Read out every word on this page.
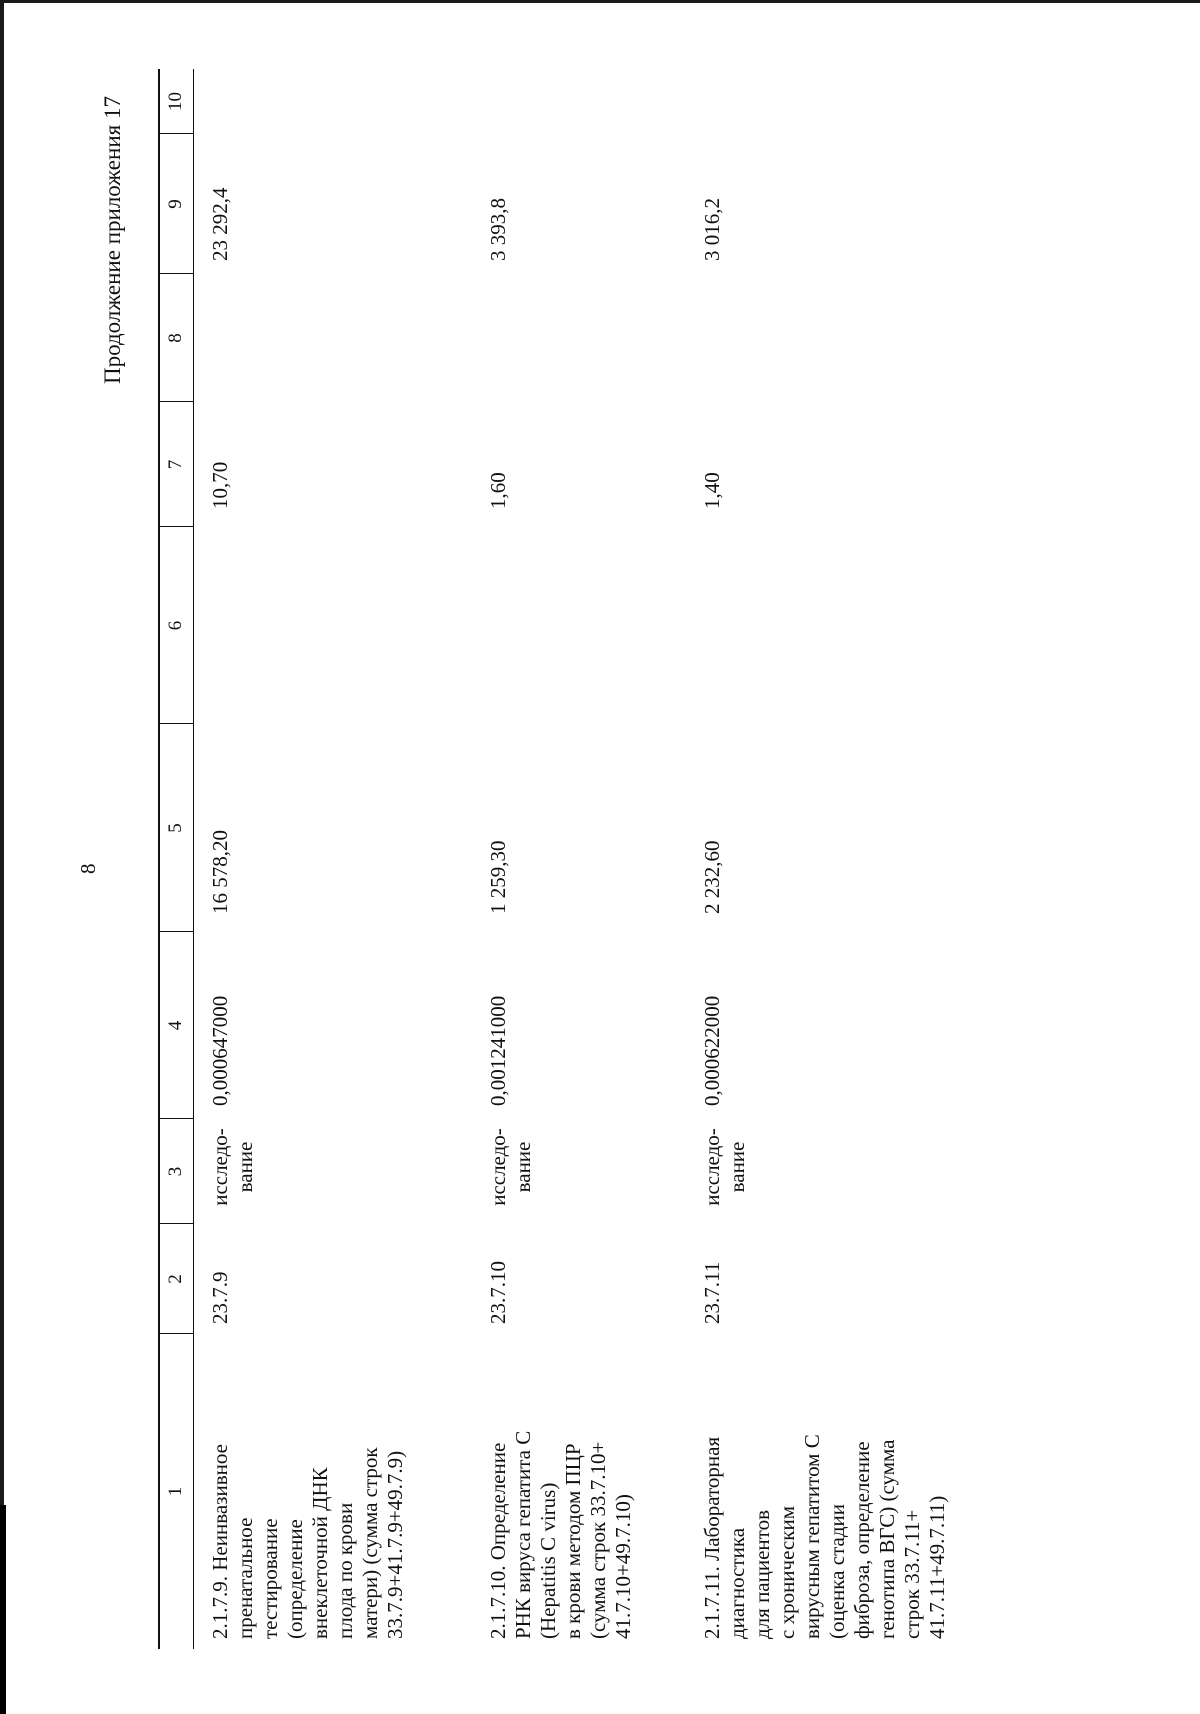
8
Продолжение приложения 17
1
2
3
4
5
6
7
8
9
10
2.1.7.9. Неинвазивное пренатальное тестирование (определение внеклеточной ДНК плода по крови матери) (сумма строк 33.7.9+41.7.9+49.7.9)
23.7.9
исследо- вание
0,000647000
16 578,20
10,70
23 292,4
2.1.7.10. Определение РНК вируса гепатита С (Hepatitis C virus) в крови методом ПЦР (сумма строк 33.7.10+ 41.7.10+49.7.10)
23.7.10
исследо- вание
0,001241000
1 259,30
1,60
3 393,8
2.1.7.11. Лабораторная диагностика для пациентов с хроническим вирусным гепатитом С (оценка стадии фиброза, определение генотипа ВГС) (сумма строк 33.7.11+ 41.7.11+49.7.11)
23.7.11
исследо- вание
0,000622000
2 232,60
1,40
3 016,2
